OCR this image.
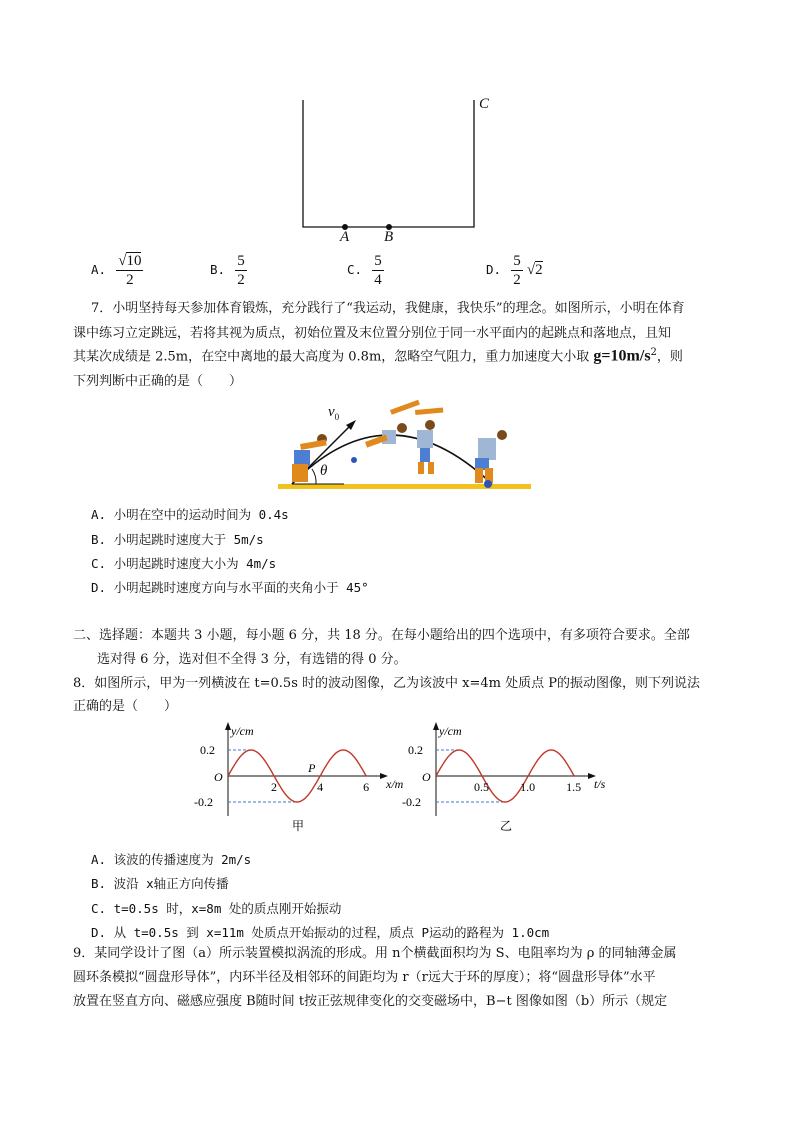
C
A B
A. $\frac{√10}{2}$	B. $\frac{5}{2}$	C. $\frac{5}{4}$	D. $\frac{5}{2} √2$
7．小明坚持每天参加体育锻炼，充分践行了“我运动，我健康，我快乐”的理念。如图所示，小明在体育
课中练习立定跳远，若将其视为质点，初始位置及末位置分别位于同一水平面内的起跳点和落地点，且知
其某次成绩是 2.5m，在空中离地的最大高度为 0.8m，忽略空气阻力，重力加速度大小取 $g=10m/s^2$，则
下列判断中正确的是（　　）
$v_0$
θ
A. 小明在空中的运动时间为 0.4s
B. 小明起跳时速度大于 5m/s
C. 小明起跳时速度大小为 4m/s
D. 小明起跳时速度方向与水平面的夹角小于 45°
二、选择题：本题共 3 小题，每小题 6 分，共 18 分。在每小题给出的四个选项中，有多项符合要求。全部
选对得 6 分，选对但不全得 3 分，有选错的得 0 分。
8．如图所示，甲为一列横波在 t=0.5s 时的波动图像，乙为该波中 x=4m 处质点 P的振动图像，则下列说法
正确的是（　　）
y/cm
x/m
O
0.2
-0.2
2	4	6
甲
P
y/cm
t/s
O
0.2
-0.2
0.5	1.0	1.5
乙
A. 该波的传播速度为 2m/s
B. 波沿 x轴正方向传播
C. t=0.5s 时，x=8m 处的质点刚开始振动
D. 从 t=0.5s 到 x=11m 处质点开始振动的过程，质点 P运动的路程为 1.0cm
9．某同学设计了图（a）所示装置模拟涡流的形成。用 n个横截面积均为 S、电阻率均为 ρ 的同轴薄金属
圆环条模拟“圆盘形导体”，内环半径及相邻环的间距均为 r（r远大于环的厚度）；将“圆盘形导体”水平
放置在竖直方向、磁感应强度 B随时间 t按正弦规律变化的交变磁场中，B−t 图像如图（b）所示（规定
